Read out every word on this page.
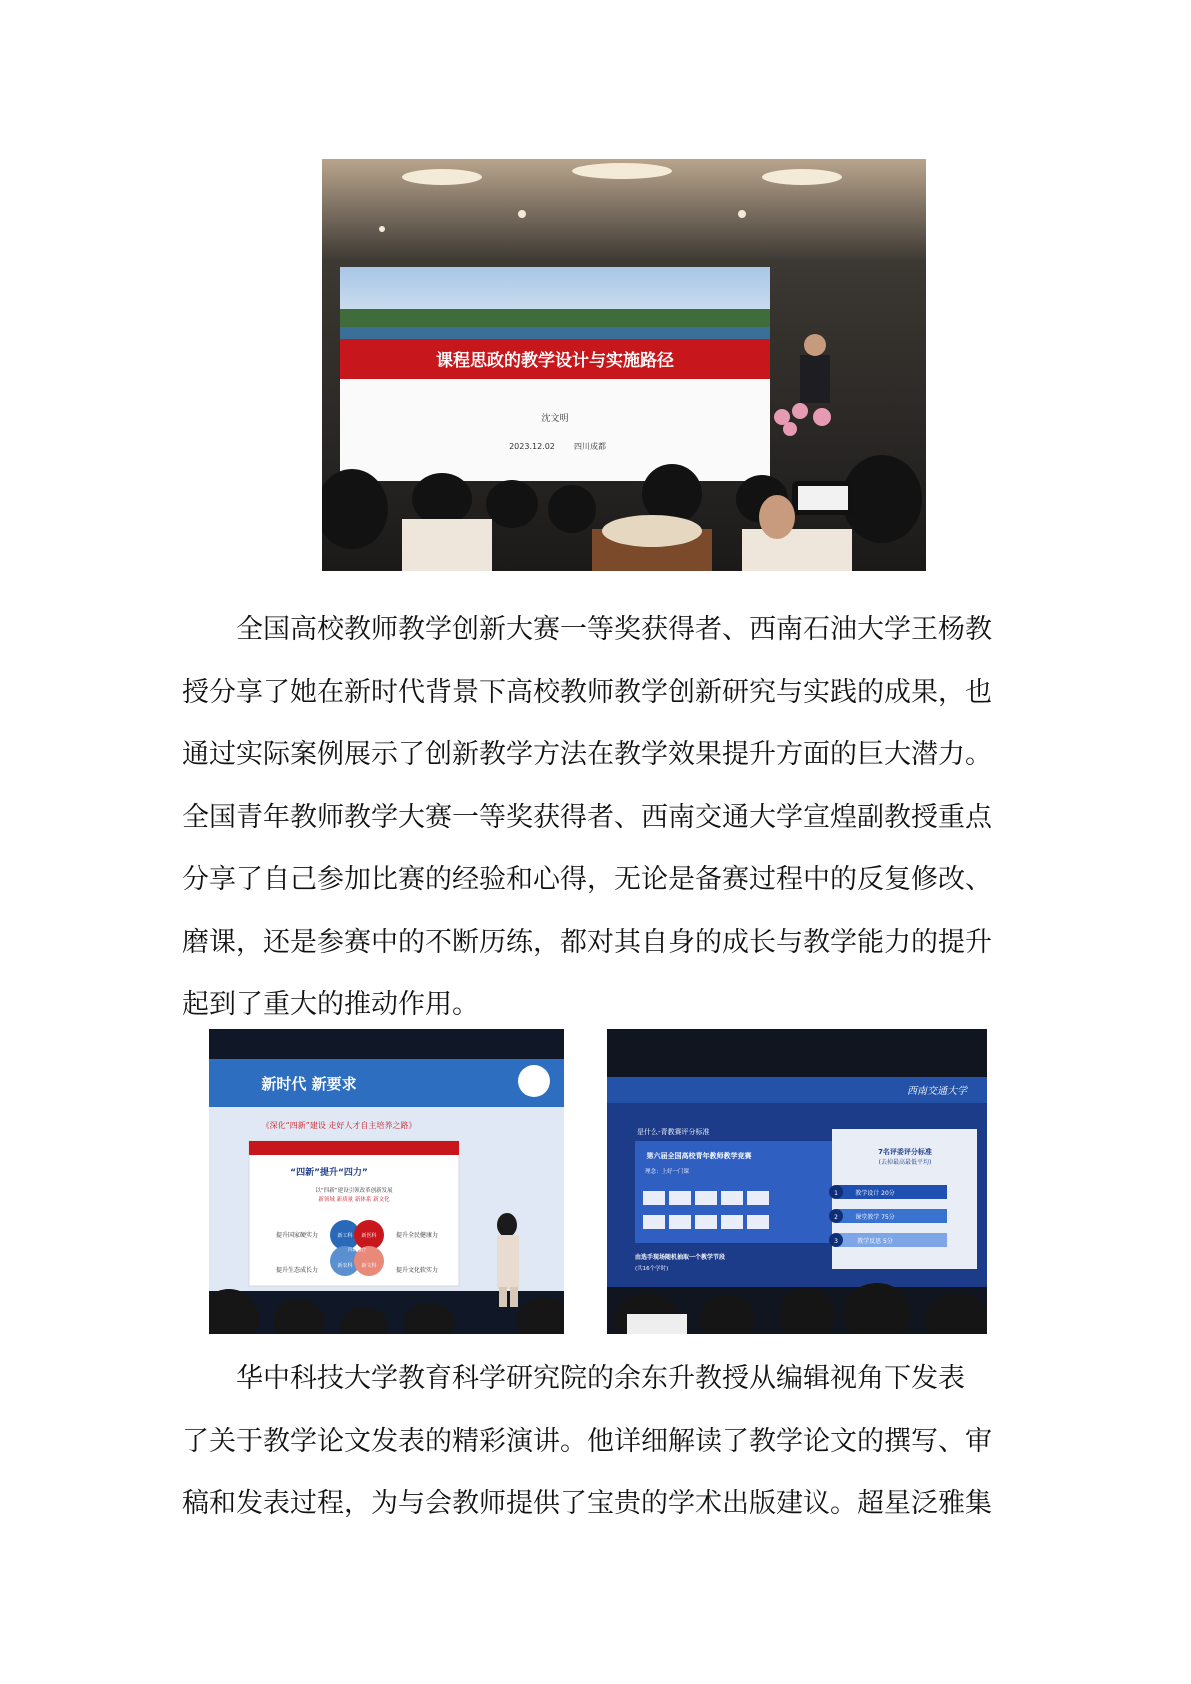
课程思政的教学设计与实施路径
沈文明
2023.12.02 四川成都

全国高校教师教学创新大赛一等奖获得者、西南石油大学王杨教
授分享了她在新时代背景下高校教师教学创新研究与实践的成果，也
通过实际案例展示了创新教学方法在教学效果提升方面的巨大潜力。
全国青年教师教学大赛一等奖获得者、西南交通大学宣煌副教授重点
分享了自己参加比赛的经验和心得，无论是备赛过程中的反复修改、
磨课，还是参赛中的不断历练，都对其自身的成长与教学能力的提升
起到了重大的推动作用。

新时代 新要求
《深化“四新”建设 走好人才自主培养之路》
“四新”提升“四力”
以“四新”建设引领改革创新发展
新领域 新质量 新体系 新文化
提升国家硬实力	提升全民健康力
提升生态成长力	提升文化软实力
新工科 新医科
新农科 新文科
四新融合
西南交通大学
是什么-青教赛评分标准
第六届全国高校青年教师教学竞赛
理念：上好一门课
由选手现场随机抽取一个教学节段
(共16个学时)
7名评委评分标准
(去掉最高最低平均)
1	教学设计 20分
2	课堂教学 75分
3	教学反思 5分

华中科技大学教育科学研究院的余东升教授从编辑视角下发表
了关于教学论文发表的精彩演讲。他详细解读了教学论文的撰写、审
稿和发表过程，为与会教师提供了宝贵的学术出版建议。超星泛雅集
